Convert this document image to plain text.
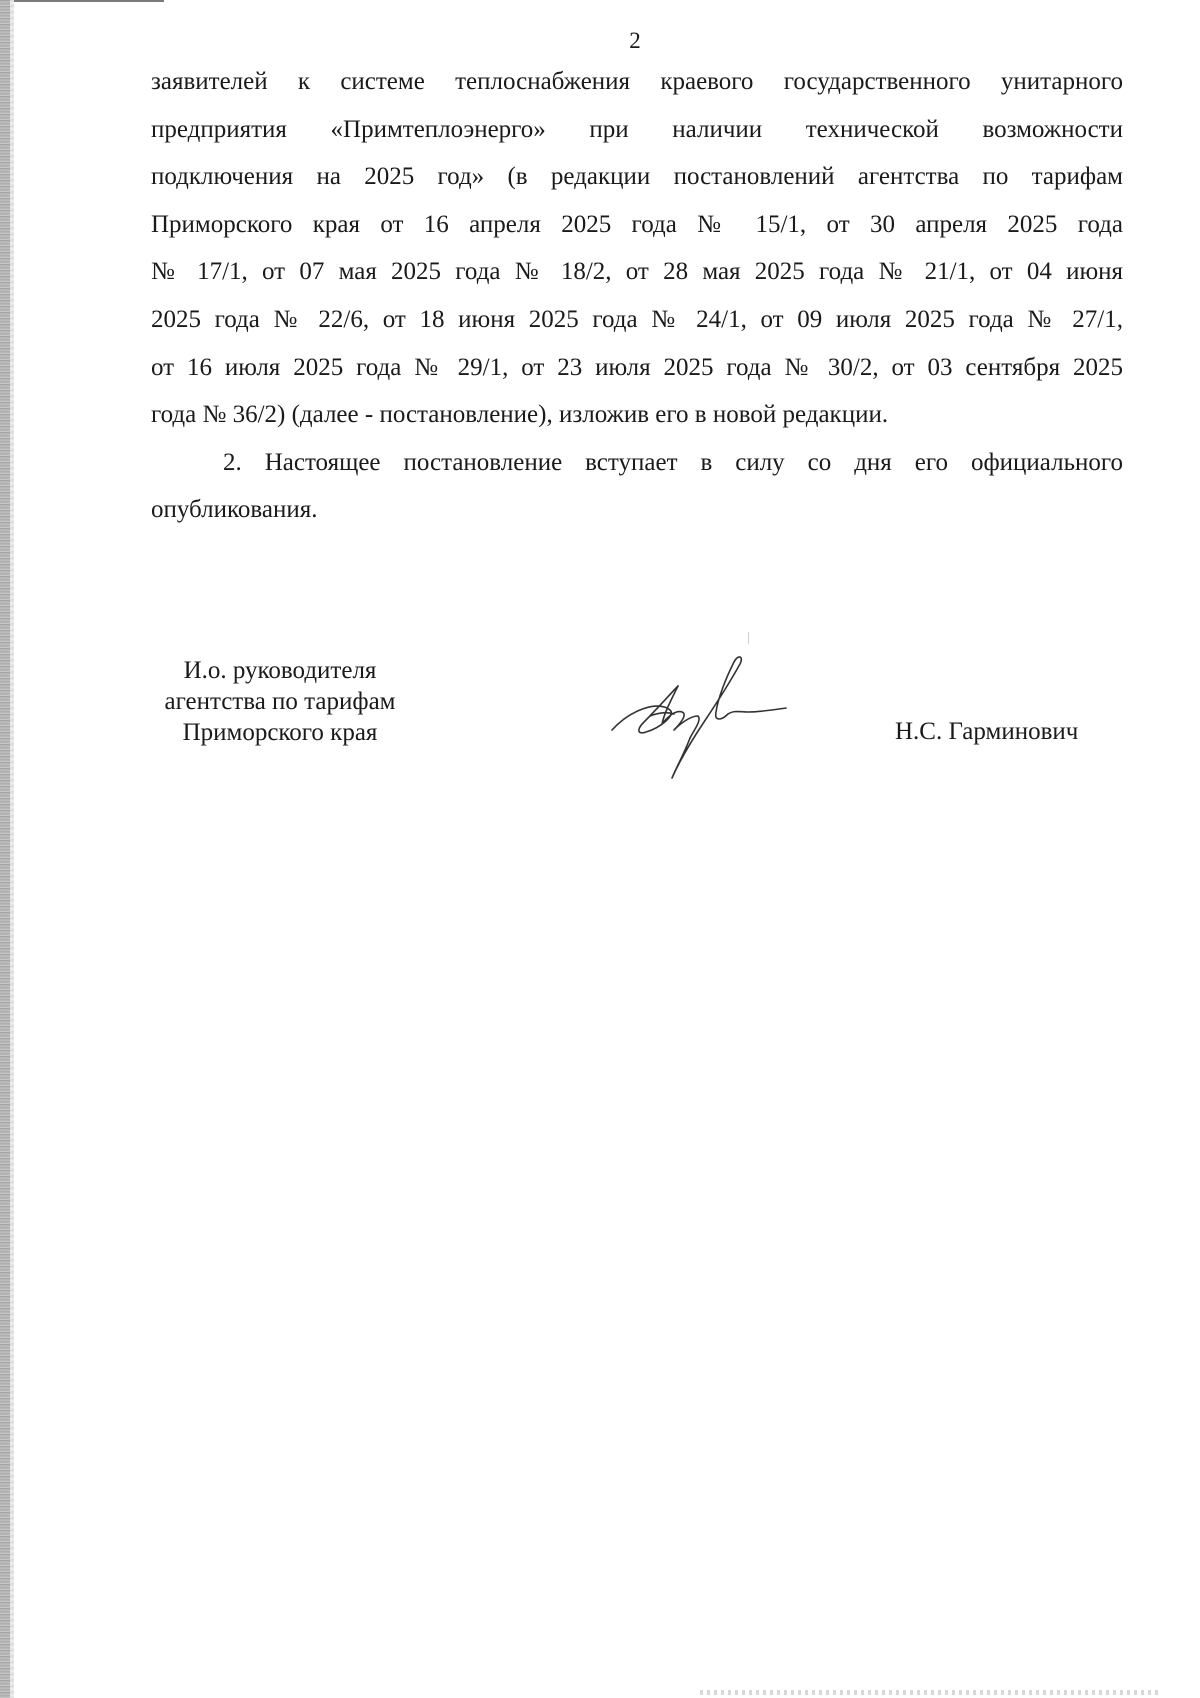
2
заявителей к системе теплоснабжения краевого государственного унитарного
предприятия «Примтеплоэнерго» при наличии технической возможности
подключения на 2025 год» (в редакции постановлений агентства по тарифам
Приморского края от 16 апреля 2025 года № 15/1, от 30 апреля 2025 года
№ 17/1, от 07 мая 2025 года № 18/2, от 28 мая 2025 года № 21/1, от 04 июня
2025 года № 22/6, от 18 июня 2025 года № 24/1, от 09 июля 2025 года № 27/1,
от 16 июля 2025 года № 29/1, от 23 июля 2025 года № 30/2, от 03 сентября 2025
года № 36/2) (далее - постановление), изложив его в новой редакции.
2. Настоящее постановление вступает в силу со дня его официального
опубликования.
И.о. руководителя
агентства по тарифам
Приморского края	Н.С. Гарминович
